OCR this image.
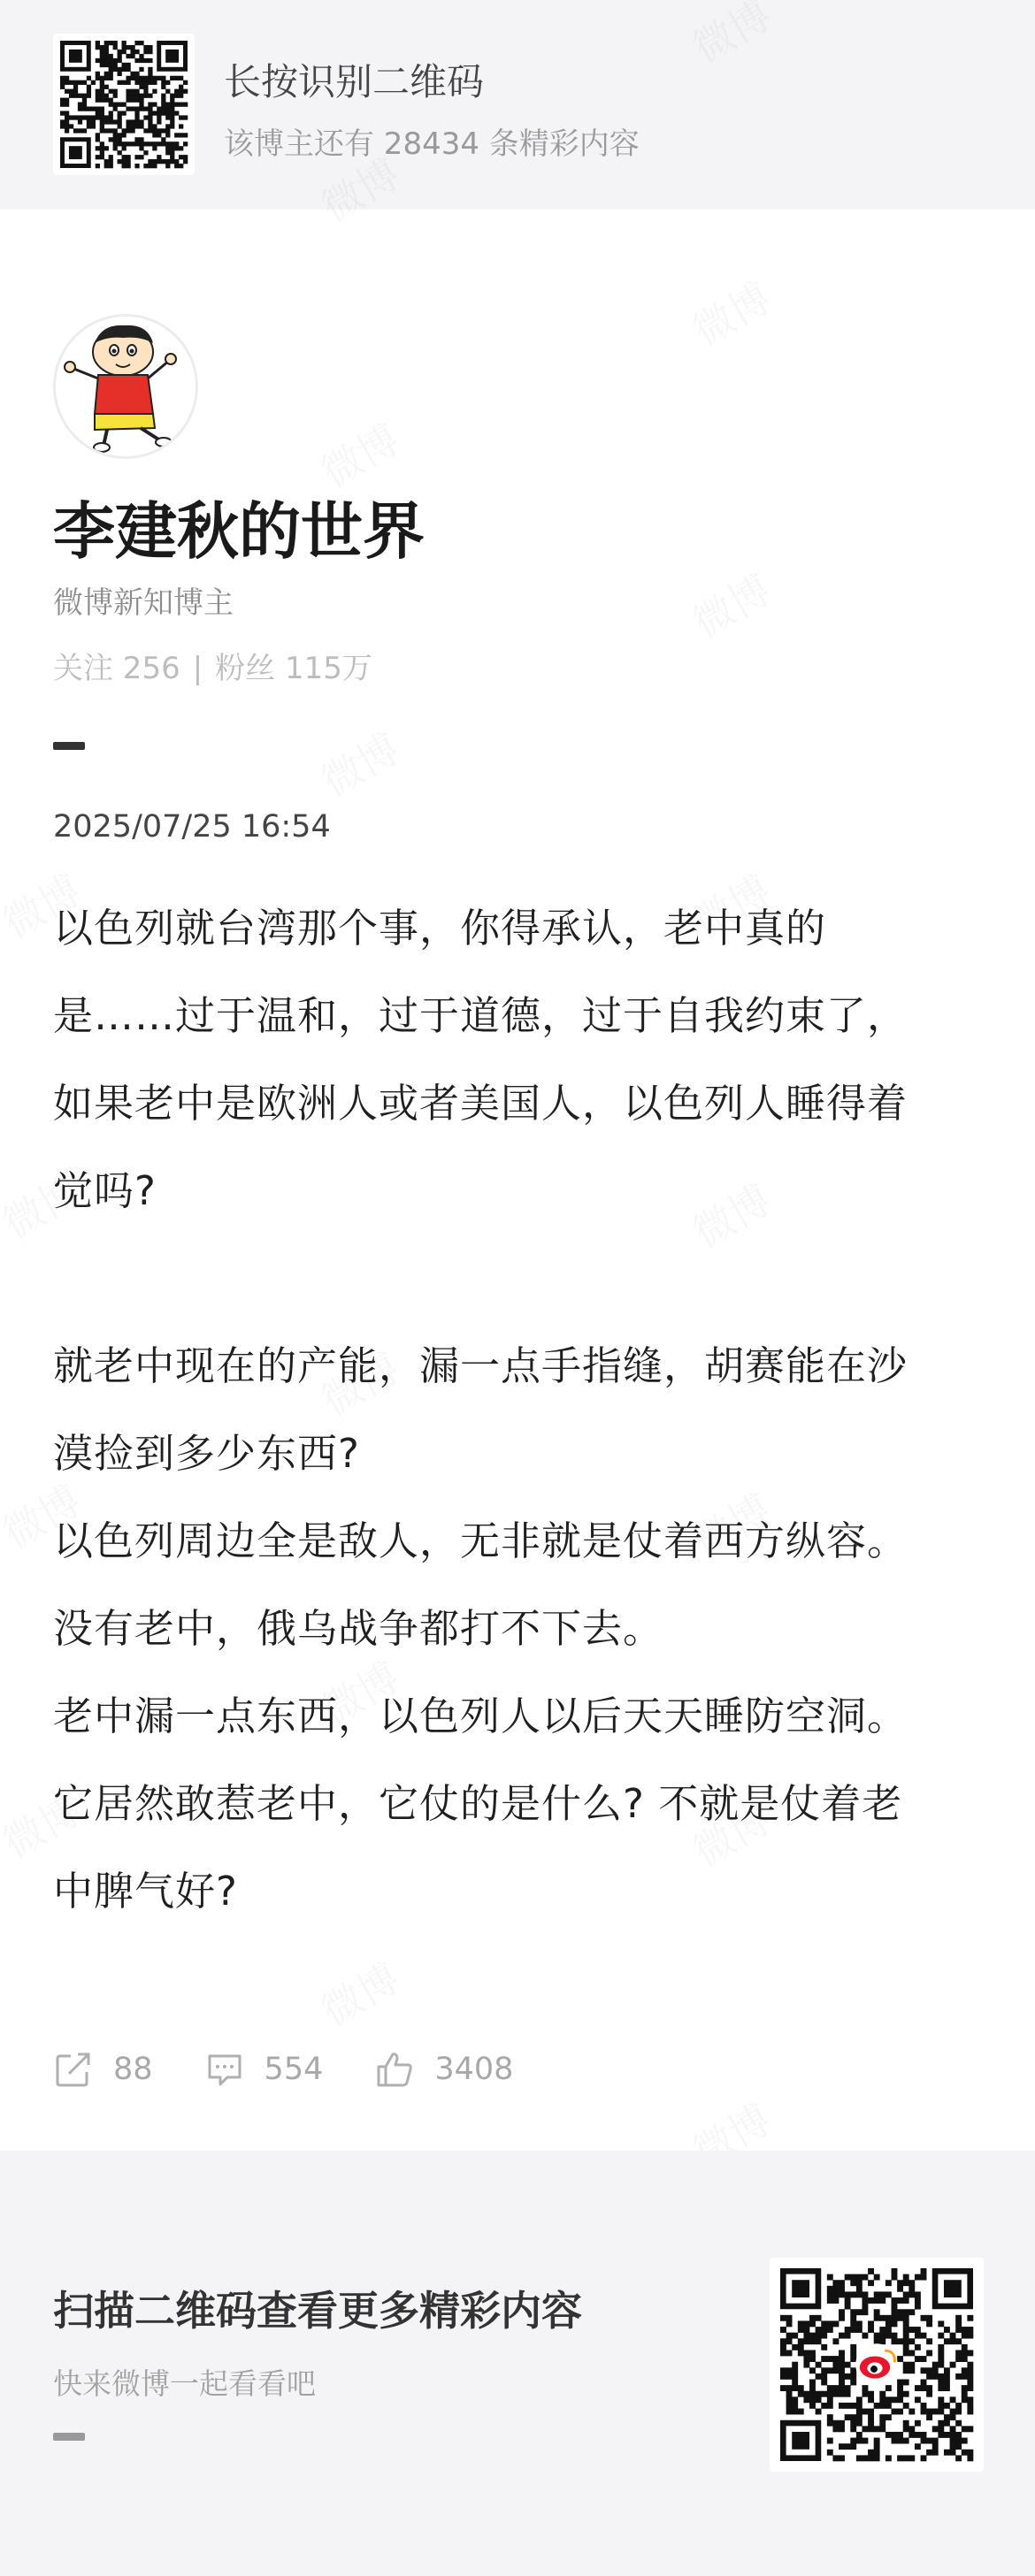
长按识别二维码
该博主还有 28434 条精彩内容
李建秋的世界
微博新知博主
关注 256 | 粉丝 115万
2025/07/25 16:54

以色列就台湾那个事，你得承认，老中真的

是……过于温和，过于道德，过于自我约束了，

如果老中是欧洲人或者美国人，以色列人睡得着

觉吗?

就老中现在的产能，漏一点手指缝，胡赛能在沙

漠捡到多少东西?

以色列周边全是敌人，无非就是仗着西方纵容。

没有老中，俄乌战争都打不下去。

老中漏一点东西，以色列人以后天天睡防空洞。

它居然敢惹老中，它仗的是什么? 不就是仗着老

中脾气好?

88	554	3408
扫描二维码查看更多精彩内容
快来微博一起看看吧
